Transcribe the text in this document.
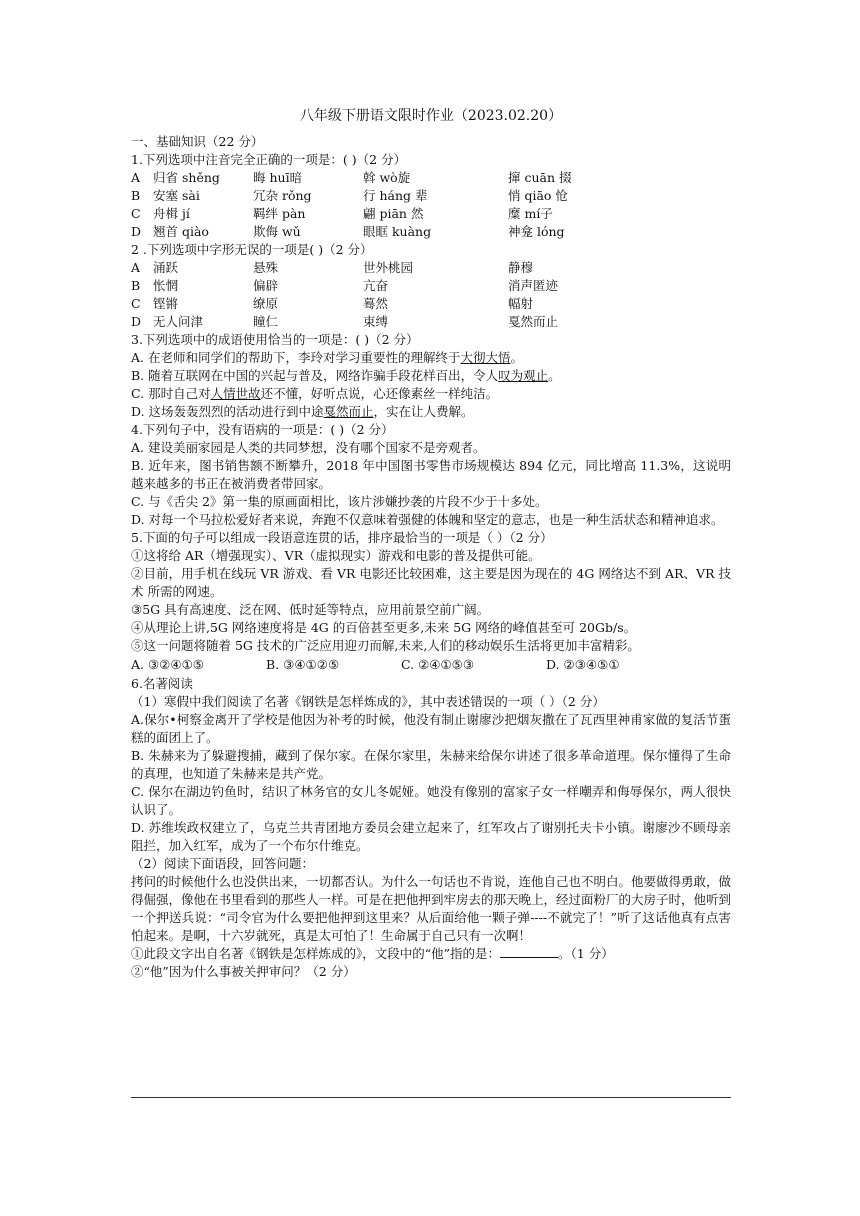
八年级下册语文限时作业（2023.02.20）
一、基础知识（22 分）
1.下列选项中注音完全正确的一项是：( )（2 分）
A	归省 shěng	晦 huī暗	斡 wò旋	撺 cuān 掇
B	安塞 sài	冗杂 rǒng	行 háng 辈	悄 qiāo 怆
C 舟楫 jí	羁绊 pàn	翩 piān 然	糜 mí子
D 翘首 qiào	欺侮 wǔ	眼眶 kuàng	神龛 lóng
2 .下列选项中字形无误的一项是( )（2 分）
A	涌跃	悬殊	世外桃园	静穆
B	怅惘	偏辟	亢奋	消声匿迹
C 铿锵	缭原	蓦然	幅射
D 无人问津	瞳仁	束缚	戛然而止
3.下列选项中的成语使用恰当的一项是：( )（2 分）
A. 在老师和同学们的帮助下，李玲对学习重要性的理解终于大彻大悟。
B. 随着互联网在中国的兴起与普及，网络诈骗手段花样百出，令人叹为观止。
C. 那时自己对人情世故还不懂，好听点说，心还像素丝一样纯洁。
D. 这场轰轰烈烈的活动进行到中途戛然而止，实在让人费解。
4.下列句子中，没有语病的一项是：( )（2 分）
A. 建设美丽家园是人类的共同梦想，没有哪个国家不是旁观者。
B. 近年来，图书销售额不断攀升，2018 年中国图书零售市场规模达 894 亿元，同比增高 11.3%，这说明越来越多的书正在被消费者带回家。
C. 与《舌尖 2》第一集的原画面相比，该片涉嫌抄袭的片段不少于十多处。
D. 对每一个马拉松爱好者来说，奔跑不仅意味着强健的体魄和坚定的意志，也是一种生活状态和精神追求。
5.下面的句子可以组成一段语意连贯的话，排序最恰当的一项是（ ）（2 分）
①这将给 AR（增强现实）、VR（虚拟现实）游戏和电影的普及提供可能。
②目前，用手机在线玩 VR 游戏、看 VR 电影还比较困难，这主要是因为现在的 4G 网络达不到 AR、VR 技术 所需的网速。
③5G 具有高速度、泛在网、低时延等特点，应用前景空前广阔。
④从理论上讲,5G 网络速度将是 4G 的百倍甚至更多,未来 5G 网络的峰值甚至可 20Gb/s。
⑤这一问题将随着 5G 技术的广泛应用迎刃而解,未来,人们的移动娱乐生活将更加丰富精彩。
A. ③②④①⑤	B. ③④①②⑤	C. ②④①⑤③	D. ②③④⑤①
6.名著阅读
（1）寒假中我们阅读了名著《钢铁是怎样炼成的》，其中表述错误的一项（ ）（2 分）
A.保尔•柯察金离开了学校是他因为补考的时候，他没有制止谢廖沙把烟灰撒在了瓦西里神甫家做的复活节蛋糕的面团上了。
B. 朱赫来为了躲避搜捕，藏到了保尔家。在保尔家里，朱赫来给保尔讲述了很多革命道理。保尔懂得了生命的真理，也知道了朱赫来是共产党。
C. 保尔在湖边钓鱼时，结识了林务官的女儿冬妮娅。她没有像别的富家子女一样嘲弄和侮辱保尔，两人很快认识了。
D. 苏维埃政权建立了，乌克兰共青团地方委员会建立起来了，红军攻占了谢别托夫卡小镇。谢廖沙不顾母亲阻拦，加入红军，成为了一个布尔什维克。
（2）阅读下面语段，回答问题：
拷问的时候他什么也没供出来，一切都否认。为什么一句话也不肯说，连他自己也不明白。他要做得勇敢，做得倔强，像他在书里看到的那些人一样。可是在把他押到牢房去的那天晚上，经过面粉厂的大房子时，他听到一个押送兵说：“司令官为什么要把他押到这里来？从后面给他一颗子弹----不就完了！”听了这话他真有点害怕起来。是啊，十六岁就死，真是太可怕了！生命属于自己只有一次啊！
①此段文字出自名著《钢铁是怎样炼成的》，文段中的“他”指的是：	。（1 分）
②“他”因为什么事被关押审问？（2 分）
